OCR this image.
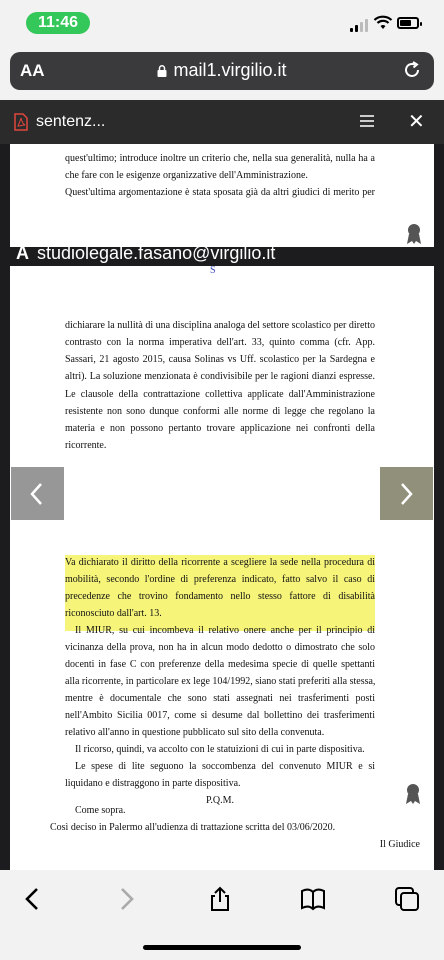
11:46
AA	mail1.virgilio.it
sentenz...	✕
quest'ultimo; introduce inoltre un criterio che, nella sua generalità, nulla ha a
che fare con le esigenze organizzative dell'Amministrazione.
Quest'ultima argomentazione è stata sposata già da altri giudici di merito per
A studiolegale.fasano@virgilio.it
S
dichiarare la nullità di una disciplina analoga del settore scolastico per diretto
contrasto con la norma imperativa dell'art. 33, quinto comma (cfr. App.
Sassari, 21 agosto 2015, causa Solinas vs Uff. scolastico per la Sardegna e
altri). La soluzione menzionata è condivisibile per le ragioni dianzi espresse.
Le clausole della contrattazione collettiva applicate dall'Amministrazione
resistente non sono dunque conformi alle norme di legge che regolano la
materia e non possono pertanto trovare applicazione nei confronti della
ricorrente.
Va dichiarato il diritto della ricorrente a scegliere la sede nella procedura di
mobilità, secondo l'ordine di preferenza indicato, fatto salvo il caso di
precedenze che trovino fondamento nello stesso fattore di disabilità
riconosciuto dall'art. 13.
Il MIUR, su cui incombeva il relativo onere anche per il principio di
vicinanza della prova, non ha in alcun modo dedotto o dimostrato che solo
docenti in fase C con preferenze della medesima specie di quelle spettanti
alla ricorrente, in particolare ex lege 104/1992, siano stati preferiti alla stessa,
mentre è documentale che sono stati assegnati nei trasferimenti posti
nell'Ambito Sicilia 0017, come si desume dal bollettino dei trasferimenti
relativo all'anno in questione pubblicato sul sito della convenuta.
Il ricorso, quindi, va accolto con le statuizioni di cui in parte dispositiva.
Le spese di lite seguono la soccombenza del convenuto MIUR e si
liquidano e distraggono in parte dispositiva.
P.Q.M.
Come sopra.
Così deciso in Palermo all'udienza di trattazione scritta del 03/06/2020.
Il Giudice
